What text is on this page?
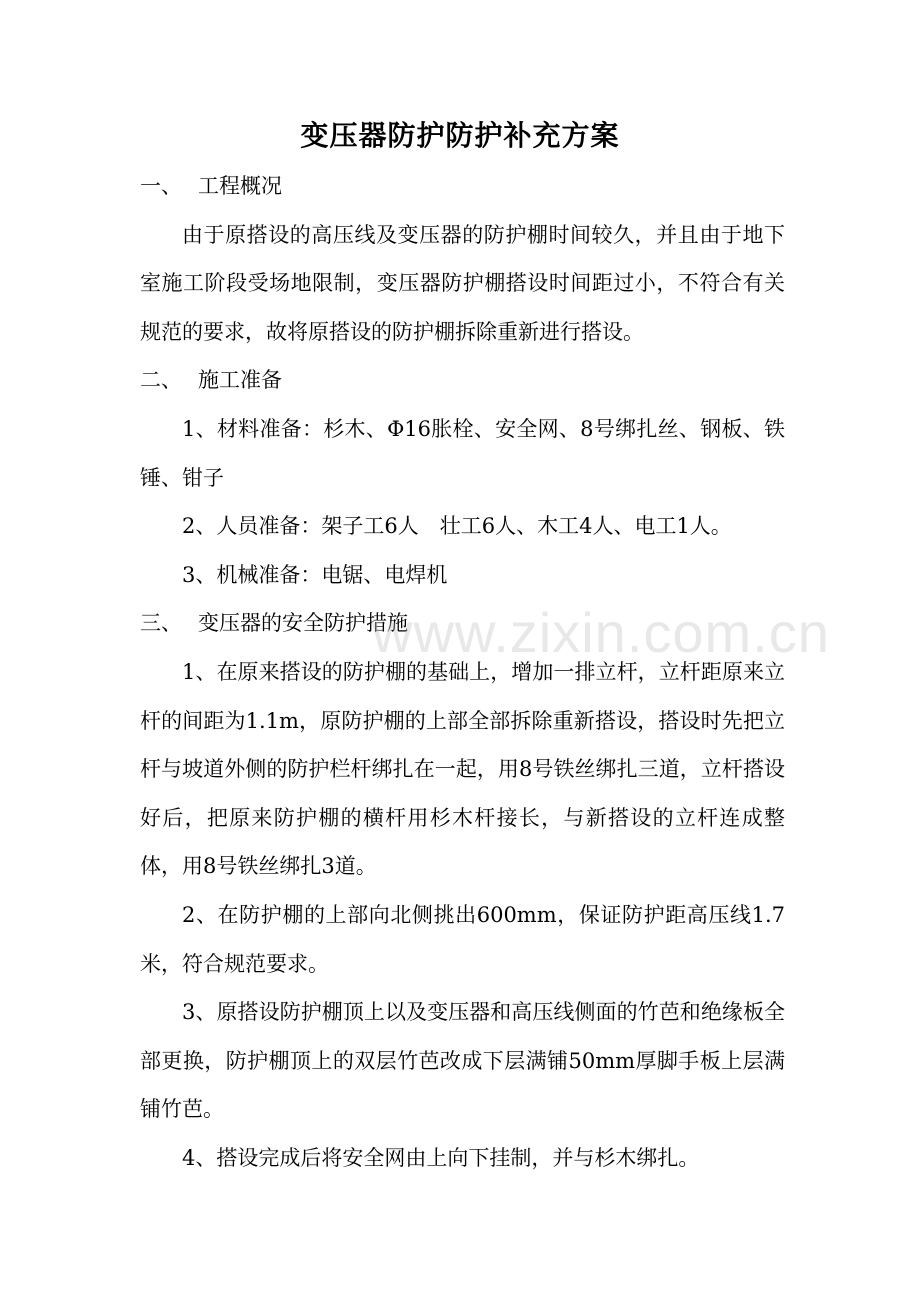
变压器防护防护补充方案
一、 工程概况

由于原搭设的高压线及变压器的防护棚时间较久，并且由于地下室施工阶段受场地限制，变压器防护棚搭设时间距过小，不符合有关规范的要求，故将原搭设的防护棚拆除重新进行搭设。

二、 施工准备

1、材料准备：杉木、Φ16胀栓、安全网、8号绑扎丝、钢板、铁锤、钳子

2、人员准备：架子工6人　壮工6人、木工4人、电工1人。

3、机械准备：电锯、电焊机

三、 变压器的安全防护措施

1、在原来搭设的防护棚的基础上，增加一排立杆，立杆距原来立杆的间距为1.1m，原防护棚的上部全部拆除重新搭设，搭设时先把立杆与坡道外侧的防护栏杆绑扎在一起，用8号铁丝绑扎三道，立杆搭设好后，把原来防护棚的横杆用杉木杆接长，与新搭设的立杆连成整体，用8号铁丝绑扎3道。

2、在防护棚的上部向北侧挑出600mm，保证防护距高压线1.7米，符合规范要求。

3、原搭设防护棚顶上以及变压器和高压线侧面的竹芭和绝缘板全部更换，防护棚顶上的双层竹芭改成下层满铺50mm厚脚手板上层满铺竹芭。

4、搭设完成后将安全网由上向下挂制，并与杉木绑扎。

www.zixin.com.cn
